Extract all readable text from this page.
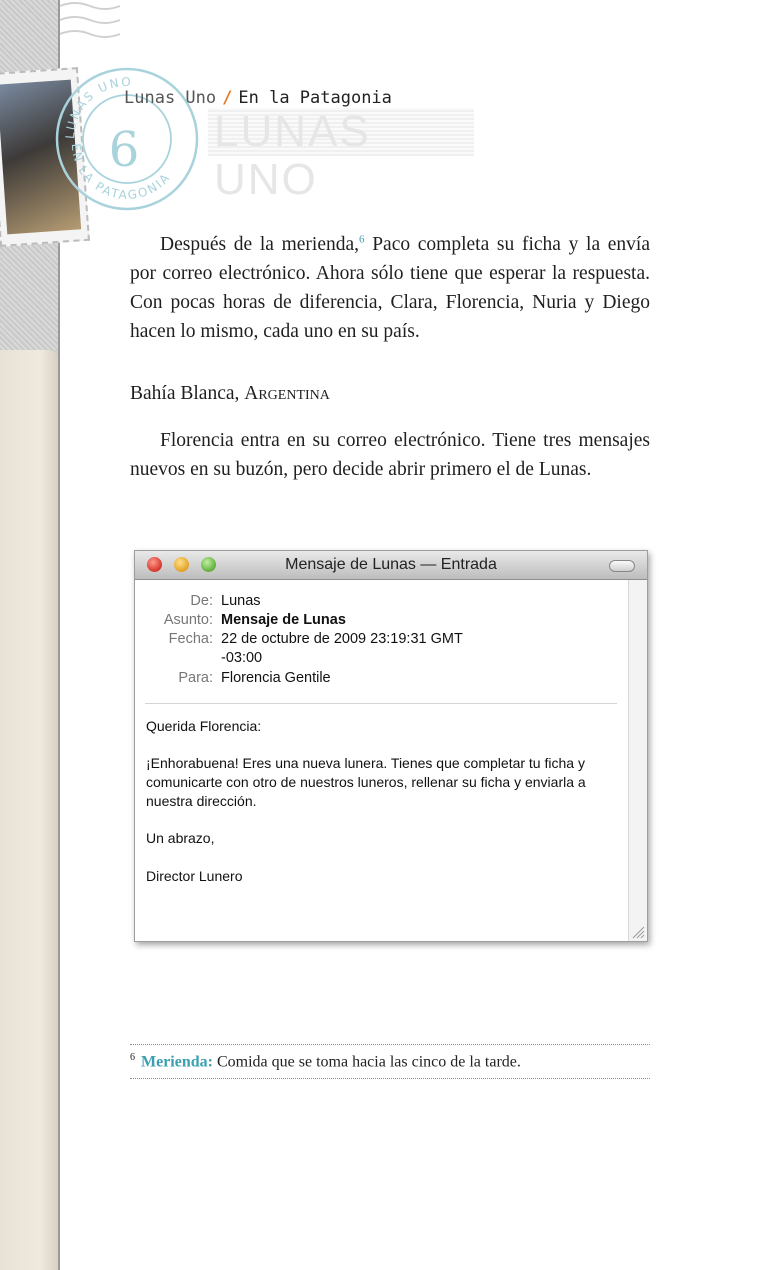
LUNAS UNO
EN LA PATAGONIA
6 LUNAS UNO
Lunas Uno / En la Patagonia
Después de la merienda,$^6$ Paco completa su ficha y la envía por correo electrónico. Ahora sólo tiene que esperar la respuesta. Con pocas horas de diferencia, Clara, Florencia, Nuria y Diego hacen lo mismo, cada uno en su país.
Bahía Blanca, Argentina
Florencia entra en su correo electrónico. Tiene tres mensajes nuevos en su buzón, pero decide abrir primero el de Lunas.
Mensaje de Lunas — Entrada
De: Lunas
Asunto: Mensaje de Lunas
Fecha: 22 de octubre de 2009 23:19:31 GMT
-03:00
Para: Florencia Gentile
Querida Florencia:
¡Enhorabuena! Eres una nueva lunera. Tienes que completar tu ficha y comunicarte con otro de nuestros luneros, rellenar su ficha y enviarla a nuestra dirección.
Un abrazo,
Director Lunero
$^6$ Merienda: Comida que se toma hacia las cinco de la tarde.
